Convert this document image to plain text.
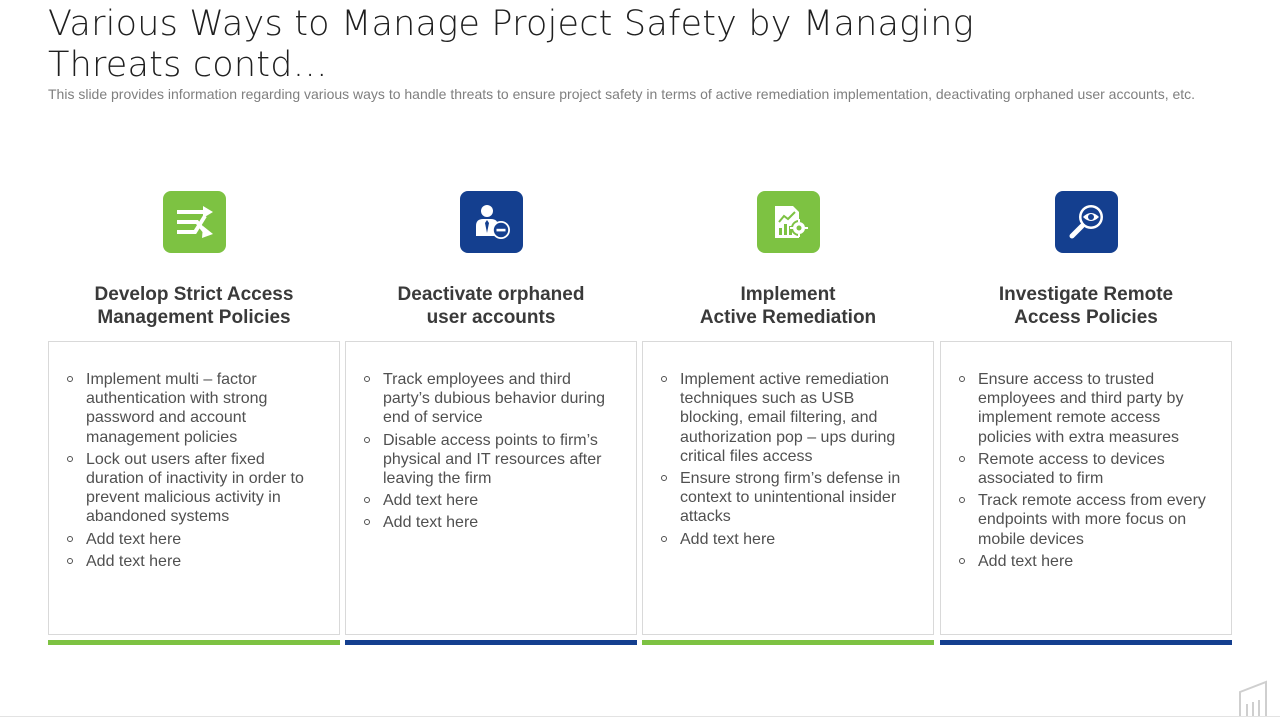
Various Ways to Manage Project Safety by Managing
Threats contd…

This slide provides information regarding various ways to handle threats to ensure project safety in terms of active remediation implementation, deactivating orphaned user accounts, etc.

Develop Strict Access
Management Policies
Implement multi – factor authentication with strong password and account management policies
Lock out users after fixed duration of inactivity in order to prevent malicious activity in abandoned systems
Add text here
Add text here
Deactivate orphaned
user accounts
Track employees and third party’s dubious behavior during end of service
Disable access points to firm’s physical and IT resources after leaving the firm
Add text here
Add text here
Implement
Active Remediation
Implement active remediation techniques such as USB blocking, email filtering, and authorization pop – ups during critical files access
Ensure strong firm’s defense in context to unintentional insider attacks
Add text here
Investigate Remote
Access Policies
Ensure access to trusted employees and third party by implement remote access policies with extra measures
Remote access to devices associated to firm
Track remote access from every endpoints with more focus on mobile devices
Add text here
